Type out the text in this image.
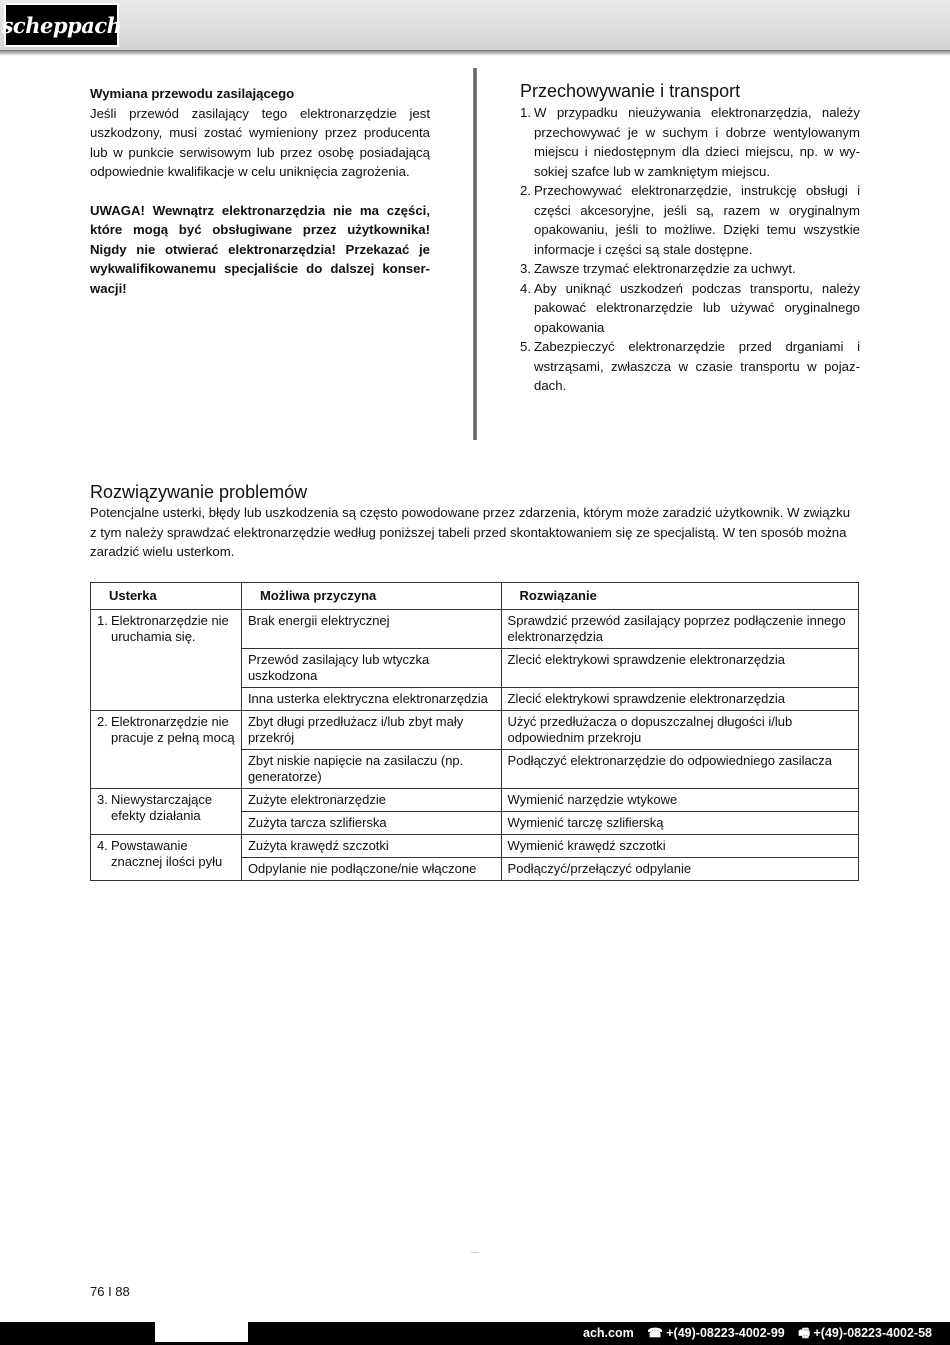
scheppach

Wymiana przewodu zasilającego

Jeśli przewód zasilający tego elektronarzędzie jest uszkodzony, musi zostać wymieniony przez producenta lub w punkcie serwisowym lub przez osobę posiadającą odpowiednie kwalifikacje w celu uniknięcia zagrożenia.

UWAGA! Wewnątrz elektronarzędzia nie ma części, które mogą być obsługiwane przez użytkownika! Nigdy nie otwierać elektronarzędzia! Przekazać je wykwalifikowanemu specjaliście do dalszej konserwacji!

Przechowywanie i transport
1. W przypadku nieużywania elektronarzędzia, należy przechowywać je w suchym i dobrze wentylowanym miejscu i niedostępnym dla dzieci miejscu, np. w wysokiej szafce lub w zamkniętym miejscu.
2. Przechowywać elektronarzędzie, instrukcję obsługi i części akcesoryjne, jeśli są, razem w oryginalnym opakowaniu, jeśli to możliwe. Dzięki temu wszystkie informacje i części są stale dostępne.
3. Zawsze trzymać elektronarzędzie za uchwyt.
4. Aby uniknąć uszkodzeń podczas transportu, należy pakować elektronarzędzie lub używać oryginalnego opakowania
5. Zabezpieczyć elektronarzędzie przed drganiami i wstrząsami, zwłaszcza w czasie transportu w pojazdach.
Rozwiązywanie problemów

Potencjalne usterki, błędy lub uszkodzenia są często powodowane przez zdarzenia, którym może zaradzić użytkownik. W związku z tym należy sprawdzać elektronarzędzie według poniższej tabeli przed skontaktowaniem się ze specjalistą. W ten sposób można zaradzić wielu usterkom.

Usterka	Możliwa przyczyna	Rozwiązanie

1. Elektronarzędzie nie uruchamia się.	Brak energii elektrycznej	Sprawdzić przewód zasilający poprzez podłączenie innego elektronarzędzia
	Przewód zasilający lub wtyczka uszkodzona	Zlecić elektrykowi sprawdzenie elektronarzędzia
	Inna usterka elektryczna elektronarzędzia	Zlecić elektrykowi sprawdzenie elektronarzędzia

2. Elektronarzędzie nie pracuje z pełną mocą	Zbyt długi przedłużacz i/lub zbyt mały przekrój	Użyć przedłużacza o dopuszczalnej długości i/lub odpowiednim przekroju
	Zbyt niskie napięcie na zasilaczu (np. generatorze)	Podłączyć elektronarzędzie do odpowiedniego zasilacza

3. Niewystarczające efekty działania	Zużyte elektronarzędzie	Wymienić narzędzie wtykowe
	Zużyta tarcza szlifierska	Wymienić tarczę szlifierską

4. Powstawanie znacznej ilości pyłu	Zużyta krawędź szczotki	Wymienić krawędź szczotki
	Odpylanie nie podłączone/nie włączone	Podłączyć/przełączyć odpylanie
76 I 88
ach.com ☎ +(49)-08223-4002-99 🖷 +(49)-08223-4002-58
